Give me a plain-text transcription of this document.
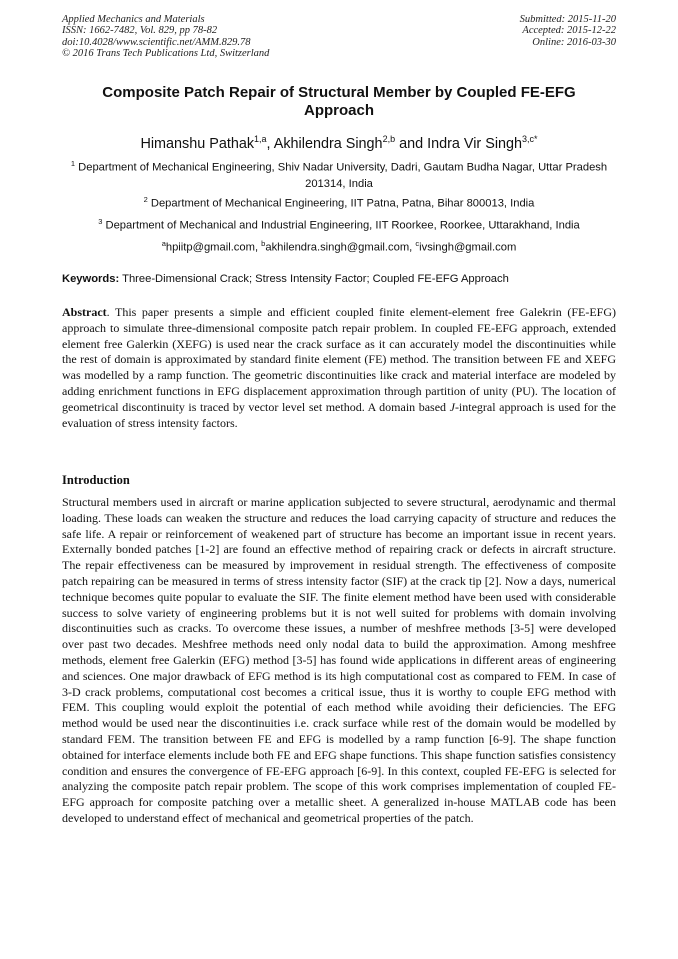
Applied Mechanics and Materials
ISSN: 1662-7482, Vol. 829, pp 78-82
doi:10.4028/www.scientific.net/AMM.829.78
© 2016 Trans Tech Publications Ltd, Switzerland
Submitted: 2015-11-20
Accepted: 2015-12-22
Online: 2016-03-30
Composite Patch Repair of Structural Member by Coupled FE-EFG
Approach
Himanshu Pathak$^{1,a}$, Akhilendra Singh$^{2,b}$ and Indra Vir Singh$^{3,c*}$
$^1$ Department of Mechanical Engineering, Shiv Nadar University, Dadri, Gautam Budha Nagar, Uttar Pradesh 201314, India
$^2$ Department of Mechanical Engineering, IIT Patna, Patna, Bihar 800013, India
$^3$ Department of Mechanical and Industrial Engineering, IIT Roorkee, Roorkee, Uttarakhand, India
$^a$hpiitp@gmail.com, $^b$akhilendra.singh@gmail.com, $^c$ivsingh@gmail.com
Keywords: Three-Dimensional Crack; Stress Intensity Factor; Coupled FE-EFG Approach
Abstract. This paper presents a simple and efficient coupled finite element-element free Galekrin (FE-EFG) approach to simulate three-dimensional composite patch repair problem. In coupled FE-EFG approach, extended element free Galerkin (XEFG) is used near the crack surface as it can accurately model the discontinuities while the rest of domain is approximated by standard finite element (FE) method. The transition between FE and XEFG was modelled by a ramp function. The geometric discontinuities like crack and material interface are modeled by adding enrichment functions in EFG displacement approximation through partition of unity (PU). The location of geometrical discontinuity is traced by vector level set method. A domain based J-integral approach is used for the evaluation of stress intensity factors.
Introduction
Structural members used in aircraft or marine application subjected to severe structural, aerodynamic and thermal loading. These loads can weaken the structure and reduces the load carrying capacity of structure and reduces the safe life. A repair or reinforcement of weakened part of structure has become an important issue in recent years. Externally bonded patches [1-2] are found an effective method of repairing crack or defects in aircraft structure. The repair effectiveness can be measured by improvement in residual strength. The effectiveness of composite patch repairing can be measured in terms of stress intensity factor (SIF) at the crack tip [2]. Now a days, numerical technique becomes quite popular to evaluate the SIF. The finite element method have been used with considerable success to solve variety of engineering problems but it is not well suited for problems with domain involving discontinuities such as cracks. To overcome these issues, a number of meshfree methods [3-5] were developed over past two decades. Meshfree methods need only nodal data to build the approximation. Among meshfree methods, element free Galerkin (EFG) method [3-5] has found wide applications in different areas of engineering and sciences. One major drawback of EFG method is its high computational cost as compared to FEM. In case of 3-D crack problems, computational cost becomes a critical issue, thus it is worthy to couple EFG method with FEM. This coupling would exploit the potential of each method while avoiding their deficiencies. The EFG method would be used near the discontinuities i.e. crack surface while rest of the domain would be modelled by standard FEM. The transition between FE and EFG is modelled by a ramp function [6-9]. The shape function obtained for interface elements include both FE and EFG shape functions. This shape function satisfies consistency condition and ensures the convergence of FE-EFG approach [6-9]. In this context, coupled FE-EFG is selected for analyzing the composite patch repair problem. The scope of this work comprises implementation of coupled FE-EFG approach for composite patching over a metallic sheet. A generalized in-house MATLAB code has been developed to understand effect of mechanical and geometrical properties of the patch.
